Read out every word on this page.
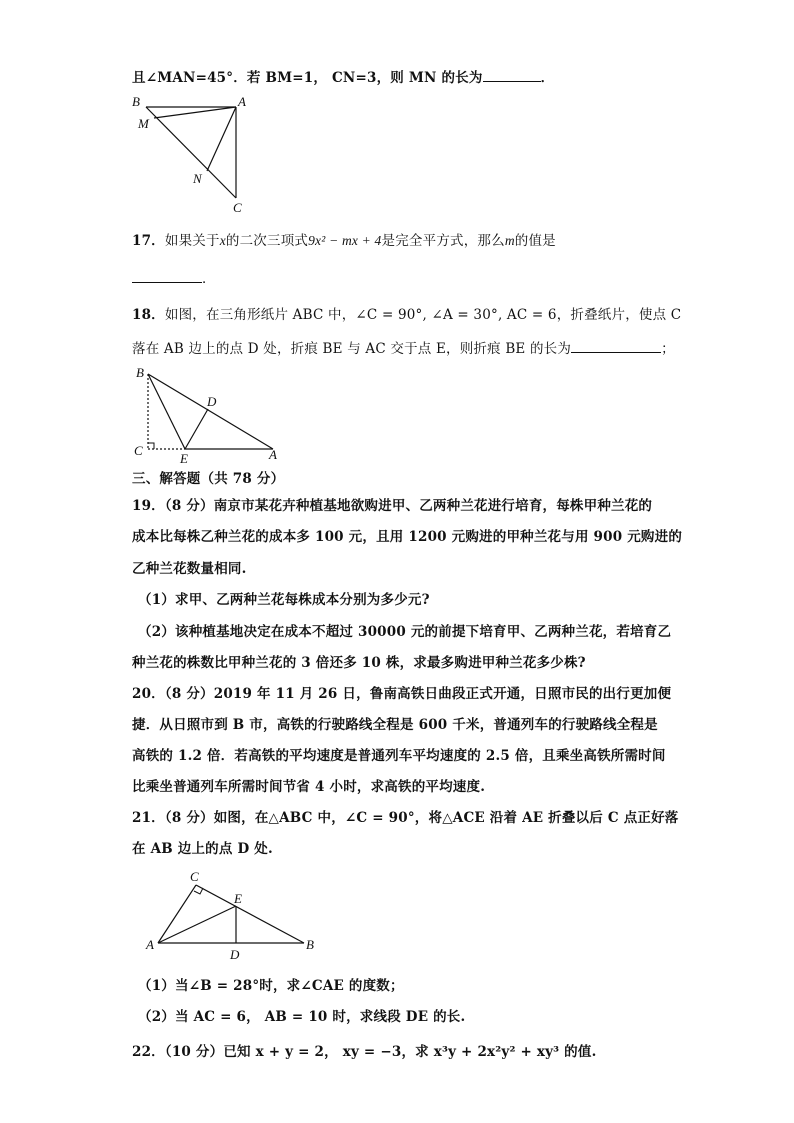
且∠MAN=45°．若 BM=1， CN=3，则 MN 的长为	．
B	A
M
N
C
17．如果关于x的二次三项式9x² − mx + 4是完全平方式，那么m的值是
．
18．如图，在三角形纸片 ABC 中，∠C = 90°, ∠A = 30°, AC = 6，折叠纸片，使点 C
落在 AB 边上的点 D 处，折痕 BE 与 AC 交于点 E，则折痕 BE 的长为	；
B
D
C
E	A
三、解答题（共 78 分）
19．（8 分）南京市某花卉种植基地欲购进甲、乙两种兰花进行培育，每株甲种兰花的
成本比每株乙种兰花的成本多 100 元，且用 1200 元购进的甲种兰花与用 900 元购进的
乙种兰花数量相同.
（1）求甲、乙两种兰花每株成本分别为多少元?
（2）该种植基地决定在成本不超过 30000 元的前提下培育甲、乙两种兰花，若培育乙
种兰花的株数比甲种兰花的 3 倍还多 10 株，求最多购进甲种兰花多少株?
20．（8 分）2019 年 11 月 26 日，鲁南高铁日曲段正式开通，日照市民的出行更加便
捷．从日照市到 B 市，高铁的行驶路线全程是 600 千米，普通列车的行驶路线全程是
高铁的 1.2 倍．若高铁的平均速度是普通列车平均速度的 2.5 倍，且乘坐高铁所需时间
比乘坐普通列车所需时间节省 4 小时，求高铁的平均速度.
21．（8 分）如图，在△ABC 中，∠C = 90°，将△ACE 沿着 AE 折叠以后 C 点正好落
在 AB 边上的点 D 处.
C
E
A
D
B
（1）当∠B = 28°时，求∠CAE 的度数；
（2）当 AC = 6， AB = 10 时，求线段 DE 的长.
22．（10 分）已知 x + y = 2， xy = −3，求 x³y + 2x²y² + xy³ 的值.
